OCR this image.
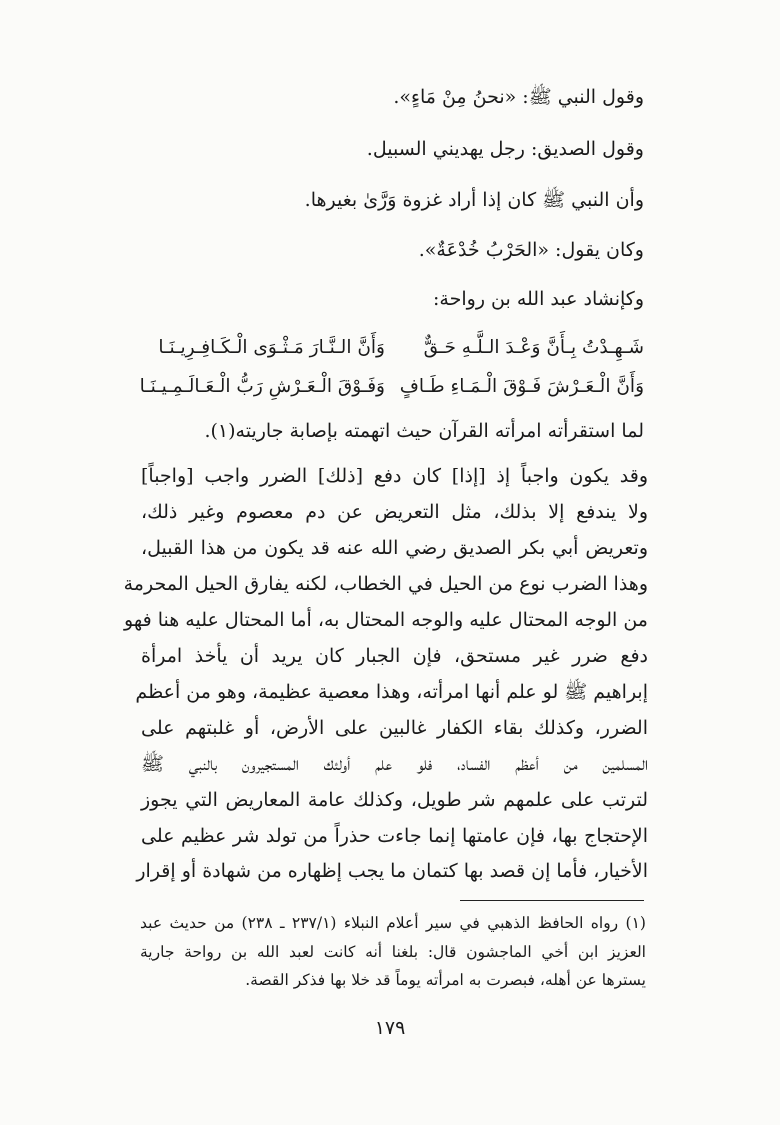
وقول النبي ﷺ: «نحنُ مِنْ مَاءٍ».
وقول الصديق: رجل يهديني السبيل.
وأن النبي ﷺ كان إذا أراد غزوة وَرَّىٰ بغيرها.
وكان يقول: «الحَرْبُ خُدْعَةٌ».
وكإنشاد عبد الله بن رواحة:
شَـهِـدْتُ بِـأَنَّ وَعْـدَ الـلَّـهِ حَـقٌّ
وَأَنَّ الـنَّـارَ مَـثْـوَى الْـكَـافِـرِيـنَـا
وَأَنَّ الْـعَـرْشَ فَـوْقَ الْـمَـاءِ طَـافٍ
وَفَـوْقَ الْـعَـرْشِ رَبُّ الْـعَـالَـمِـيـنَـا
لما استقرأته امرأته القرآن حيث اتهمته بإصابة جاريته(١).
وقد يكون واجباً إذ [إذا] كان دفع [ذلك] الضرر واجب [واجباً]
ولا يندفع إلا بذلك، مثل التعريض عن دم معصوم وغير ذلك،
وتعريض أبي بكر الصديق رضي الله عنه قد يكون من هذا القبيل،
وهذا الضرب نوع من الحيل في الخطاب، لكنه يفارق الحيل المحرمة
من الوجه المحتال عليه والوجه المحتال به، أما المحتال عليه هنا فهو
دفع ضرر غير مستحق، فإن الجبار كان يريد أن يأخذ امرأة
إبراهيم ﷺ لو علم أنها امرأته، وهذا معصية عظيمة، وهو من أعظم
الضرر، وكذلك بقاء الكفار غالبين على الأرض، أو غلبتهم على
المسلمين من أعظم الفساد، فلو علم أولئك المستجيرون بالنبي ﷺ
لترتب على علمهم شر طويل، وكذلك عامة المعاريض التي يجوز
الإحتجاج بها، فإن عامتها إنما جاءت حذراً من تولد شر عظيم على
الأخيار، فأما إن قصد بها كتمان ما يجب إظهاره من شهادة أو إقرار
(١) رواه الحافظ الذهبي في سير أعلام النبلاء (٢٣٧/١ ـ ٢٣٨) من حديث عبد
العزيز ابن أخي الماجشون قال: بلغنا أنه كانت لعبد الله بن رواحة جارية
يسترها عن أهله، فبصرت به امرأته يوماً قد خلا بها فذكر القصة.
١٧٩
